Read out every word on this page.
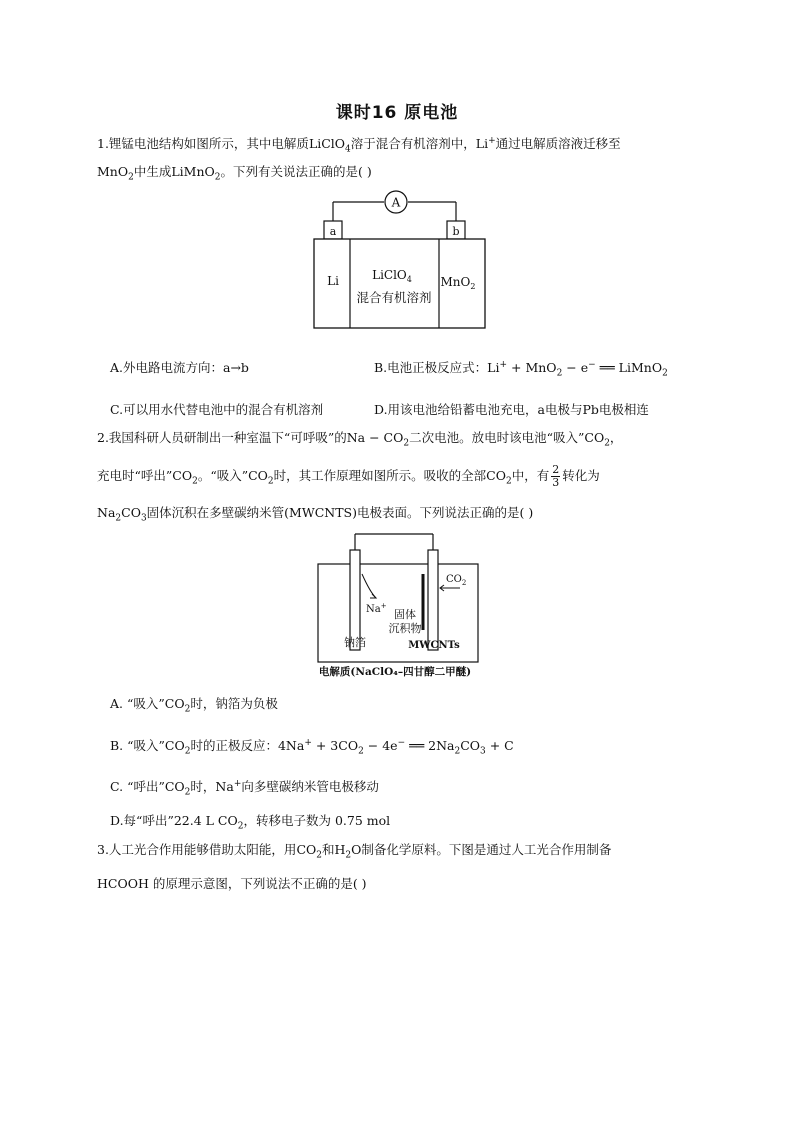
课时16 原电池
1.锂锰电池结构如图所示，其中电解质LiClO$_4$溶于混合有机溶剂中，Li+通过电解质溶液迁移至
MnO$_2$中生成LiMnO$_2$。下列有关说法正确的是( )
A
a	b
Li	LiClO$_4$
混合有机溶剂
MnO$_2$
A.外电路电流方向：a→b	B.电池正极反应式：Li+ + MnO$_2$ − e− ══ LiMnO$_2$
C.可以用水代替电池中的混合有机溶剂	D.用该电池给铅蓄电池充电，a电极与Pb电极相连
2.我国科研人员研制出一种室温下“可呼吸”的$Na - CO_2$二次电池。放电时该电池“吸入$”CO_2$，
充电时“呼出$”CO_2$。“吸入$”CO_2$时，其工作原理如图所示。吸收的全部$CO_2$中，有 $\frac{2}{3}$ 转化为
$Na_2CO_3$固体沉积在多壁碳纳米管(MWCNTS)电极表面。下列说法正确的是( )
Na+
$CO_2$
固体
沉积物
钠箔	MWCNTs
电解质(NaClO₄–四甘醇二甲醚)
A. “吸入$”CO_2$时，钠箔为负极
B. “吸入$”CO_2$时的正极反应：$4Na^+ + 3CO_2 - 4e^-$ ══ $2Na_2CO_3 + C$
C. “呼出$”CO_2$时，Na+向多壁碳纳米管电极移动
D.每“呼出”22.4 L $CO_2$，转移电子数为 0.75 mol
3.人工光合作用能够借助太阳能，用$CO_2$和$H_2O$制备化学原料。下图是通过人工光合作用制备
HCOOH 的原理示意图，下列说法不正确的是( )
